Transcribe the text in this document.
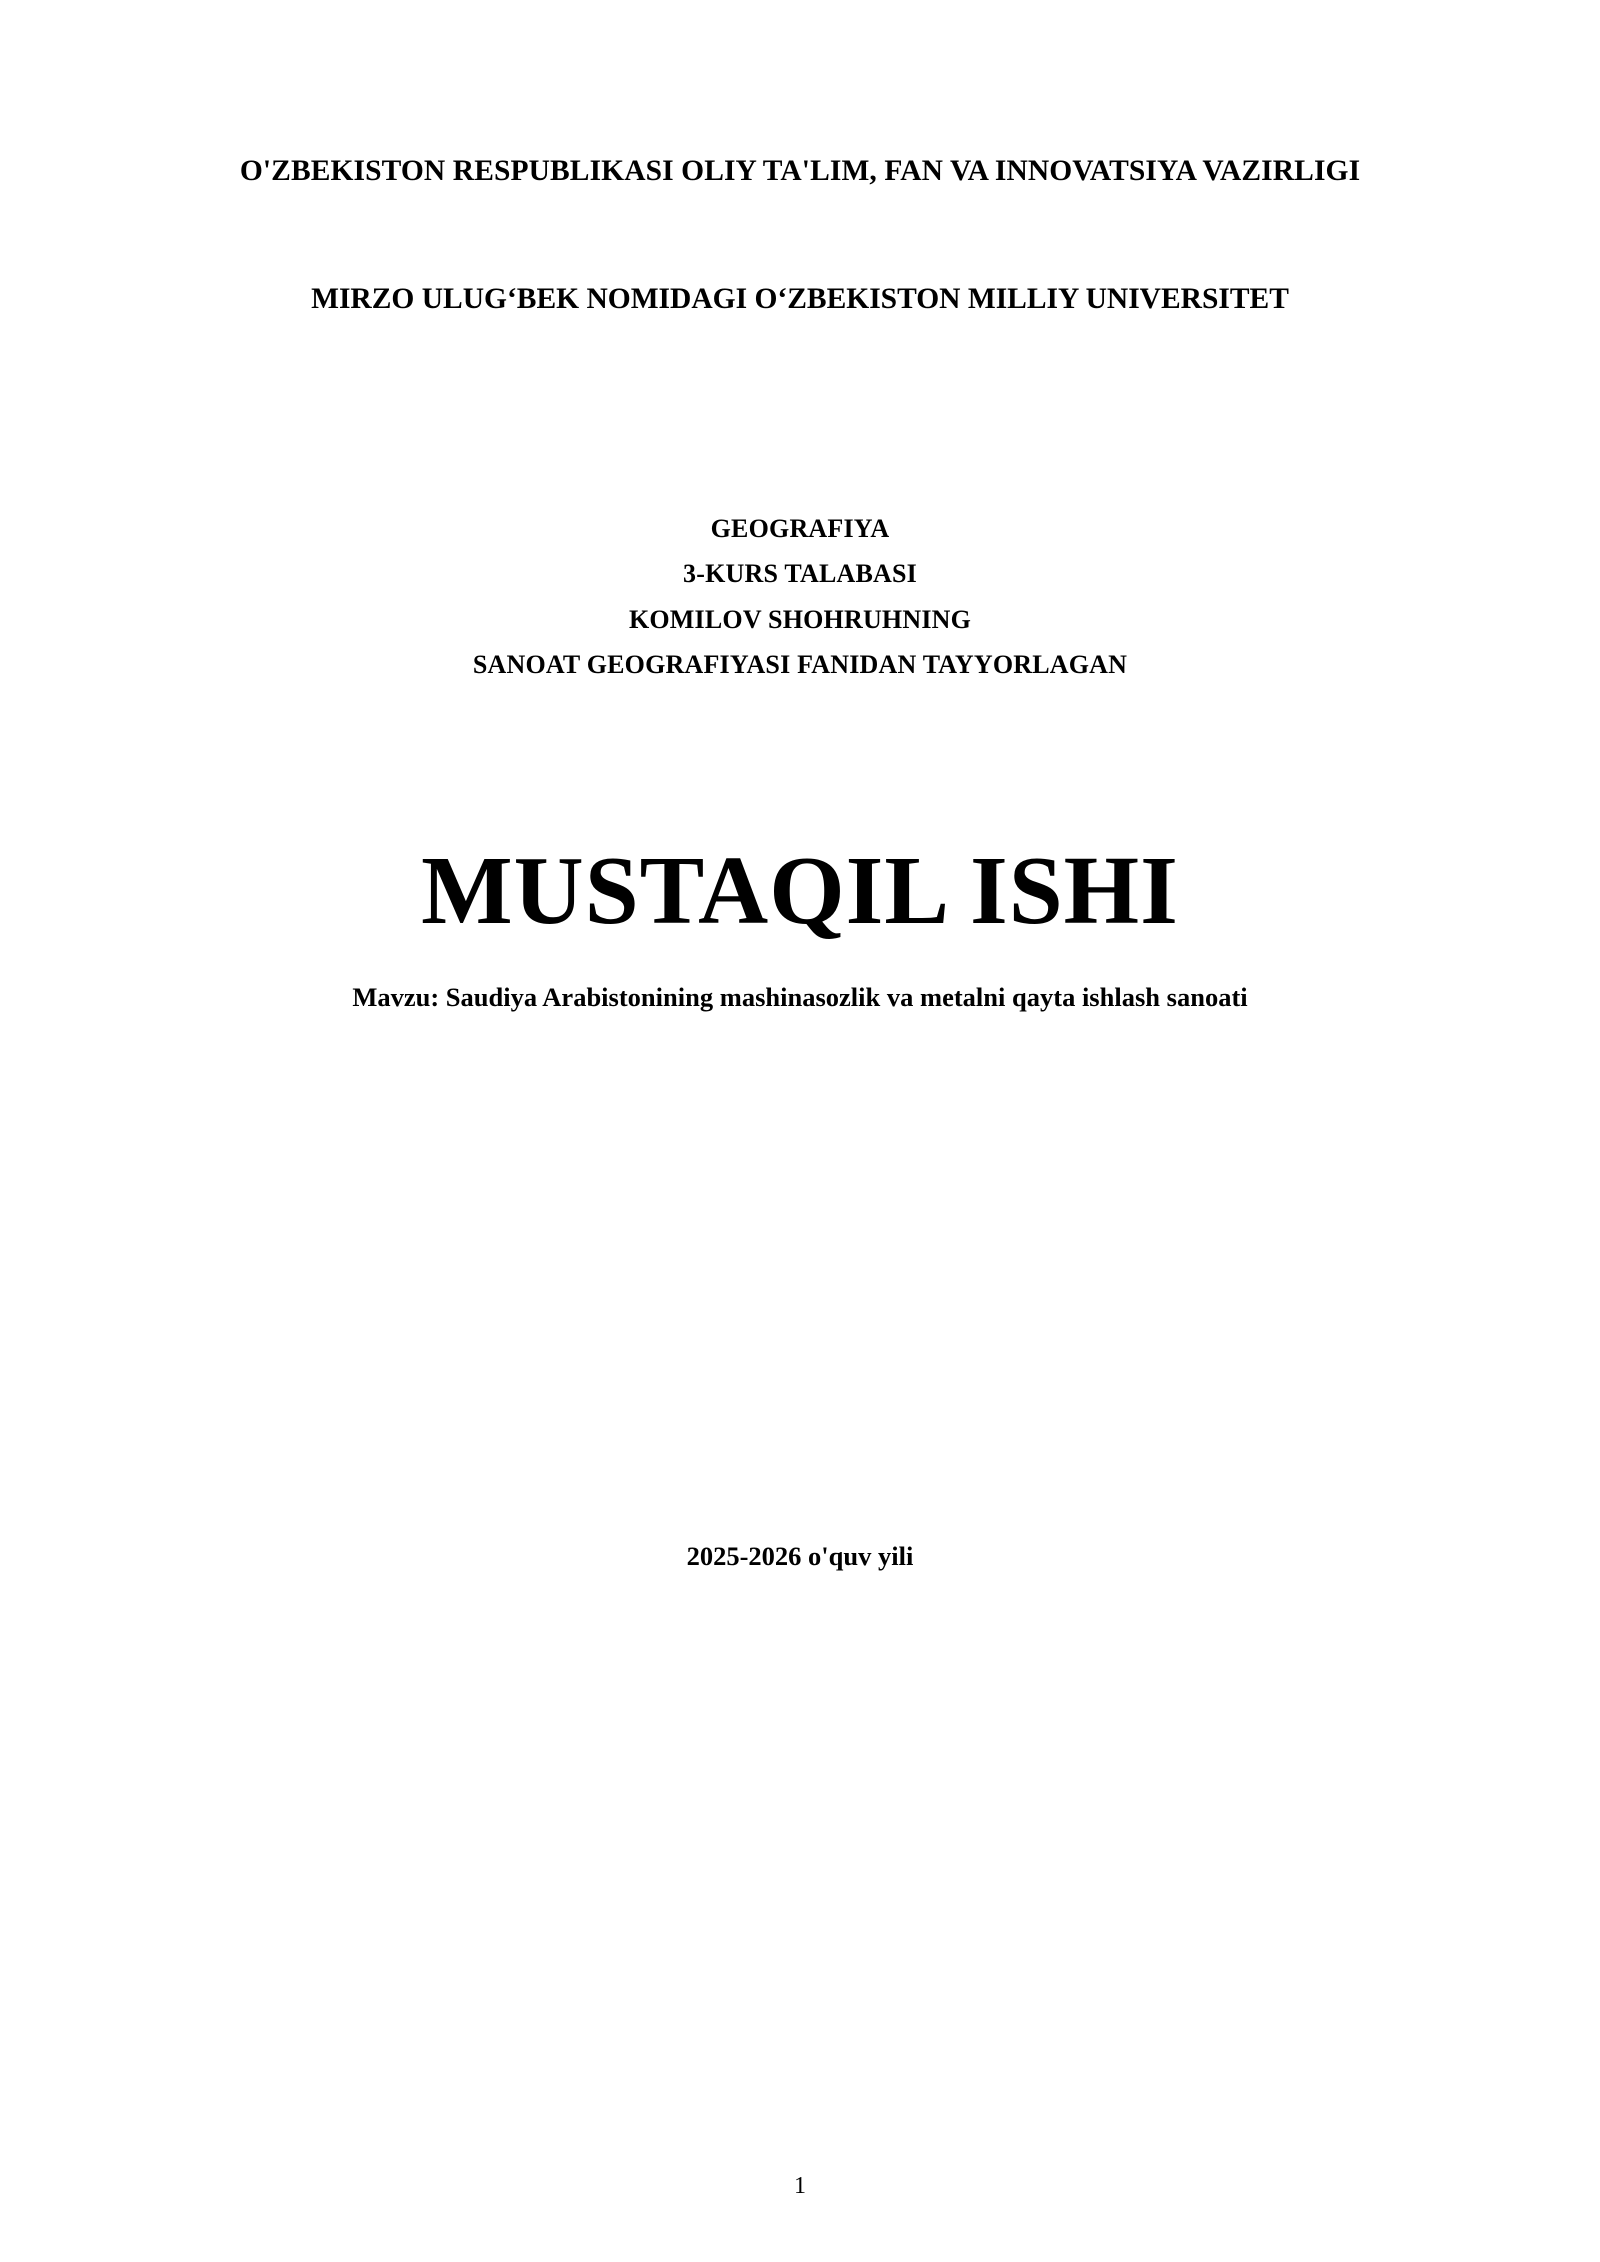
O'ZBEKISTON RESPUBLIKASI OLIY TA'LIM, FAN VA INNOVATSIYA VAZIRLIGI
MIRZO ULUG‘BEK NOMIDAGI O‘ZBEKISTON MILLIY UNIVERSITET
GEOGRAFIYA
3-KURS TALABASI
KOMILOV SHOHRUHNING
SANOAT GEOGRAFIYASI FANIDAN TAYYORLAGAN
MUSTAQIL ISHI
Mavzu: Saudiya Arabistonining mashinasozlik va metalni qayta ishlash sanoati
2025-2026 o'quv yili
1
